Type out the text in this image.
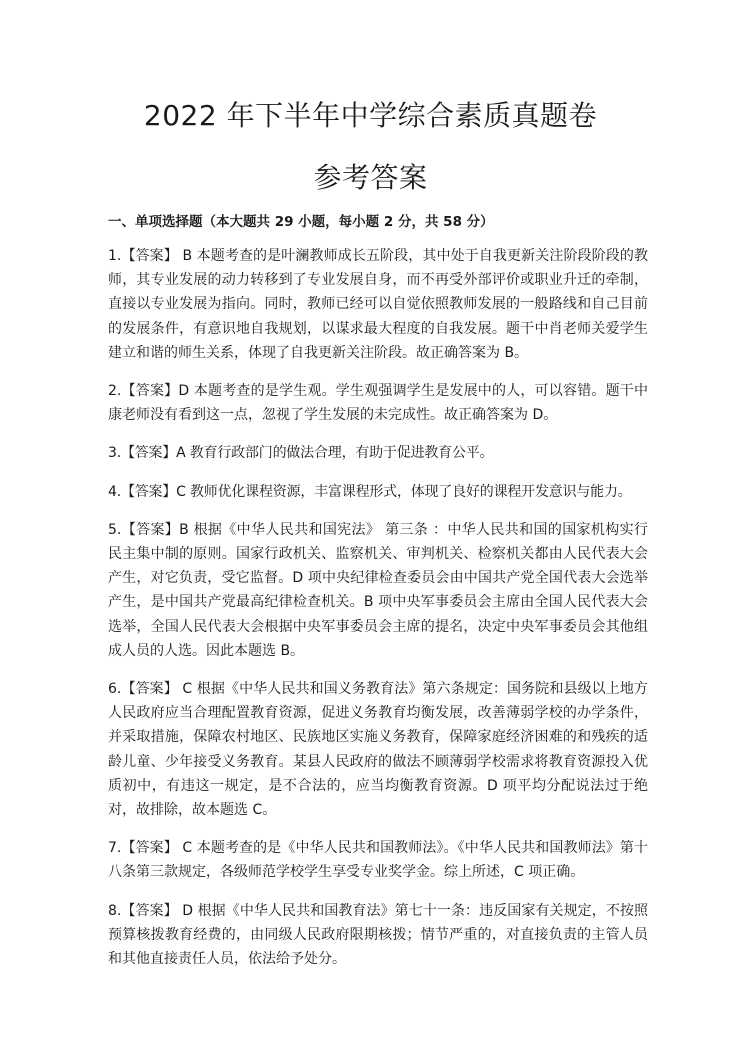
2022 年下半年中学综合素质真题卷
参考答案

一、单项选择题（本大题共 29 小题，每小题 2 分，共 58 分）

1.【答案】 B 本题考查的是叶澜教师成长五阶段，其中处于自我更新关注阶段阶段的教师，其专业发展的动力转移到了专业发展自身，而不再受外部评价或职业升迁的牵制，直接以专业发展为指向。同时，教师已经可以自觉依照教师发展的一般路线和自己目前的发展条件，有意识地自我规划，以谋求最大程度的自我发展。题干中肖老师关爱学生建立和谐的师生关系，体现了自我更新关注阶段。故正确答案为 B。

2.【答案】D 本题考查的是学生观。学生观强调学生是发展中的人，可以容错。题干中康老师没有看到这一点，忽视了学生发展的未完成性。故正确答案为 D。

3.【答案】A 教育行政部门的做法合理，有助于促进教育公平。

4.【答案】C 教师优化课程资源，丰富课程形式，体现了良好的课程开发意识与能力。

5.【答案】B 根据《中华人民共和国宪法》 第三条 ：中华人民共和国的国家机构实行民主集中制的原则。国家行政机关、监察机关、审判机关、检察机关都由人民代表大会产生，对它负责，受它监督。D 项中央纪律检查委员会由中国共产党全国代表大会选举产生，是中国共产党最高纪律检查机关。B 项中央军事委员会主席由全国人民代表大会选举，全国人民代表大会根据中央军事委员会主席的提名，决定中央军事委员会其他组成人员的人选。因此本题选 B。

6.【答案】 C 根据《中华人民共和国义务教育法》第六条规定：国务院和县级以上地方人民政府应当合理配置教育资源，促进义务教育均衡发展，改善薄弱学校的办学条件，并采取措施，保障农村地区、民族地区实施义务教育，保障家庭经济困难的和残疾的适龄儿童、少年接受义务教育。某县人民政府的做法不顾薄弱学校需求将教育资源投入优质初中，有违这一规定，是不合法的，应当均衡教育资源。D 项平均分配说法过于绝对，故排除，故本题选 C。

7.【答案】 C 本题考查的是《中华人民共和国教师法》。《中华人民共和国教师法》第十八条第三款规定，各级师范学校学生享受专业奖学金。综上所述，C 项正确。

8.【答案】 D 根据《中华人民共和国教育法》第七十一条：违反国家有关规定，不按照预算核拨教育经费的，由同级人民政府限期核拨；情节严重的，对直接负责的主管人员和其他直接责任人员，依法给予处分。
